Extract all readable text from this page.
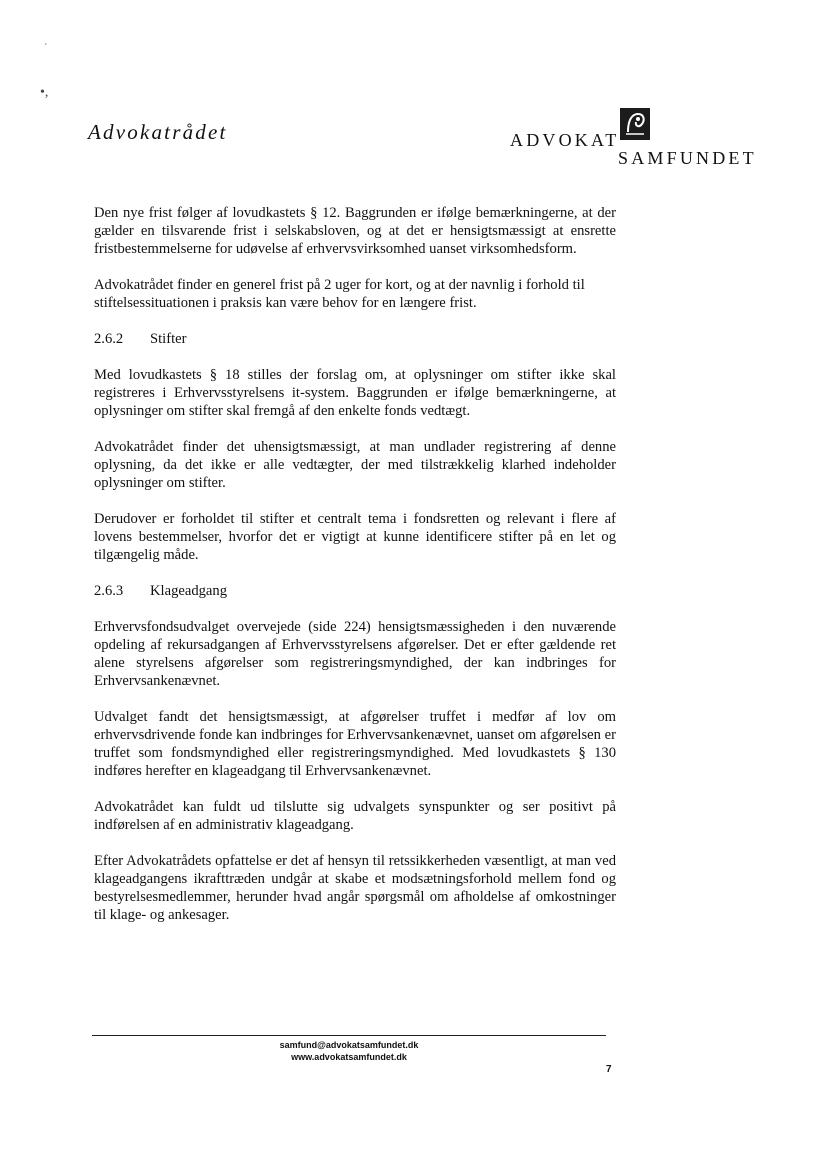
ˊ
•,
Advokatrådet	ADVOKAT
SAMFUNDET

Den nye frist følger af lovudkastets § 12. Baggrunden er ifølge bemærkningerne, at der gælder en tilsvarende frist i selskabsloven, og at det er hensigtsmæssigt at ensrette fristbestemmelserne for udøvelse af erhvervsvirksomhed uanset virksomhedsform.

Advokatrådet finder en generel frist på 2 uger for kort, og at der navnlig i forhold til stiftelsessituationen i praksis kan være behov for en længere frist.

2.6.2 Stifter

Med lovudkastets § 18 stilles der forslag om, at oplysninger om stifter ikke skal registreres i Erhvervsstyrelsens it-system. Baggrunden er ifølge bemærkningerne, at oplysninger om stifter skal fremgå af den enkelte fonds vedtægt.

Advokatrådet finder det uhensigtsmæssigt, at man undlader registrering af denne oplysning, da det ikke er alle vedtægter, der med tilstrækkelig klarhed indeholder oplysninger om stifter.

Derudover er forholdet til stifter et centralt tema i fondsretten og relevant i flere af lovens bestemmelser, hvorfor det er vigtigt at kunne identificere stifter på en let og tilgængelig måde.

2.6.3 Klageadgang

Erhvervsfondsudvalget overvejede (side 224) hensigtsmæssigheden i den nuværende opdeling af rekursadgangen af Erhvervsstyrelsens afgørelser. Det er efter gældende ret alene styrelsens afgørelser som registreringsmyndighed, der kan indbringes for Erhvervsankenævnet.

Udvalget fandt det hensigtsmæssigt, at afgørelser truffet i medfør af lov om erhvervsdrivende fonde kan indbringes for Erhvervsankenævnet, uanset om afgørelsen er truffet som fondsmyndighed eller registreringsmyndighed. Med lovudkastets § 130 indføres herefter en klageadgang til Erhvervsankenævnet.

Advokatrådet kan fuldt ud tilslutte sig udvalgets synspunkter og ser positivt på indførelsen af en administrativ klageadgang.

Efter Advokatrådets opfattelse er det af hensyn til retssikkerheden væsentligt, at man ved klageadgangens ikrafttræden undgår at skabe et modsætningsforhold mellem fond og bestyrelsesmedlemmer, herunder hvad angår spørgsmål om afholdelse af omkostninger til klage- og ankesager.

samfund@advokatsamfundet.dk
www.advokatsamfundet.dk
7
